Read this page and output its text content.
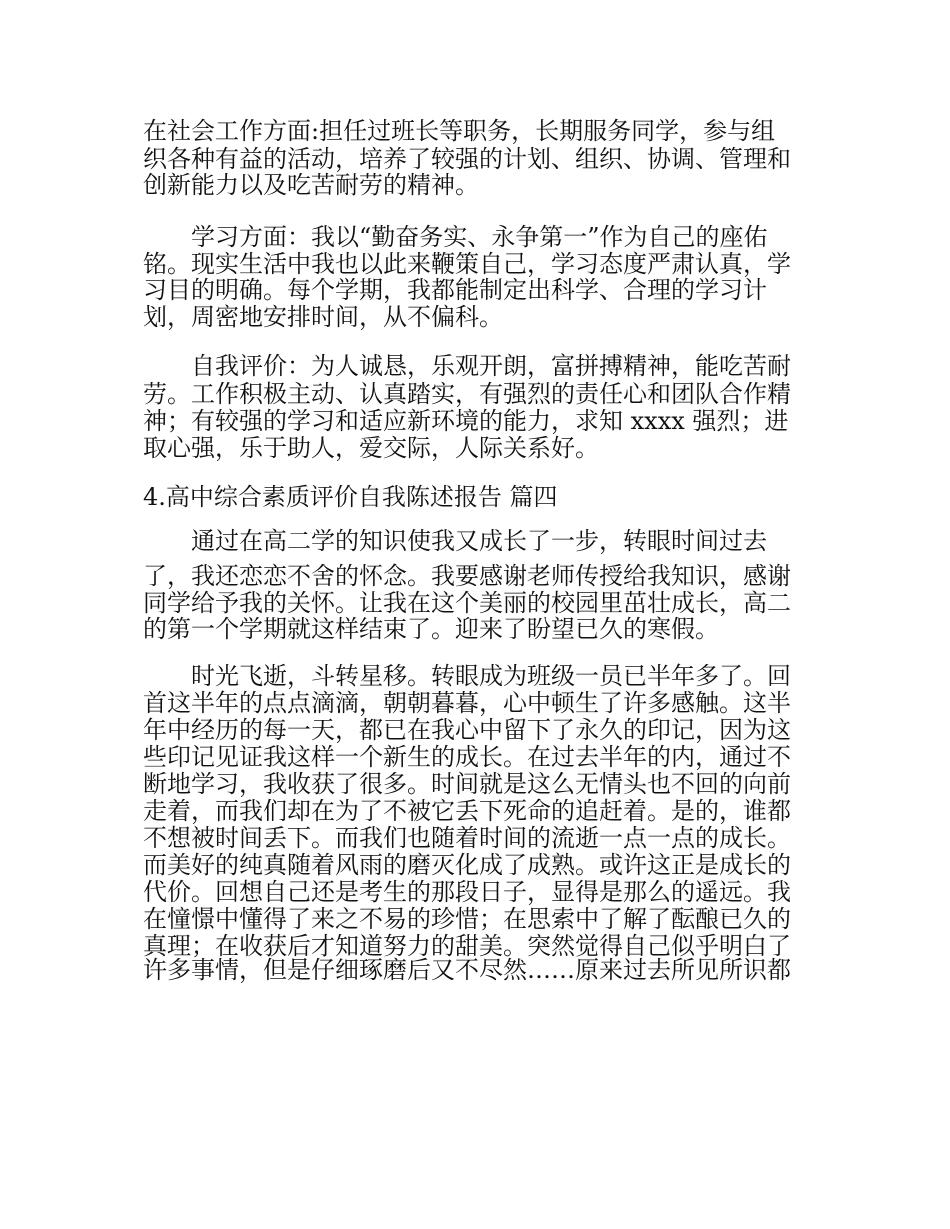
在社会工作方面:担任过班长等职务，长期服务同学，参与组

织各种有益的活动，培养了较强的计划、组织、协调、管理和

创新能力以及吃苦耐劳的精神。

　　学习方面：我以“勤奋务实、永争第一”作为自己的座佑

铭。现实生活中我也以此来鞭策自己，学习态度严肃认真，学

习目的明确。每个学期，我都能制定出科学、合理的学习计

划，周密地安排时间，从不偏科。

　　自我评价：为人诚恳，乐观开朗，富拼搏精神，能吃苦耐

劳。工作积极主动、认真踏实，有强烈的责任心和团队合作精

神；有较强的学习和适应新环境的能力，求知 xxxx 强烈；进

取心强，乐于助人，爱交际，人际关系好。

4.高中综合素质评价自我陈述报告 篇四

　　通过在高二学的知识使我又成长了一步，转眼时间过去

了，我还恋恋不舍的怀念。我要感谢老师传授给我知识，感谢

同学给予我的关怀。让我在这个美丽的校园里茁壮成长，高二

的第一个学期就这样结束了。迎来了盼望已久的寒假。

　　时光飞逝，斗转星移。转眼成为班级一员已半年多了。回

首这半年的点点滴滴，朝朝暮暮，心中顿生了许多感触。这半

年中经历的每一天，都已在我心中留下了永久的印记，因为这

些印记见证我这样一个新生的成长。在过去半年的内，通过不

断地学习，我收获了很多。时间就是这么无情头也不回的向前

走着，而我们却在为了不被它丢下死命的追赶着。是的，谁都

不想被时间丢下。而我们也随着时间的流逝一点一点的成长。

而美好的纯真随着风雨的磨灭化成了成熟。或许这正是成长的

代价。回想自己还是考生的那段日子，显得是那么的遥远。我

在憧憬中懂得了来之不易的珍惜；在思索中了解了酝酿已久的

真理；在收获后才知道努力的甜美。突然觉得自己似乎明白了

许多事情，但是仔细琢磨后又不尽然……原来过去所见所识都
